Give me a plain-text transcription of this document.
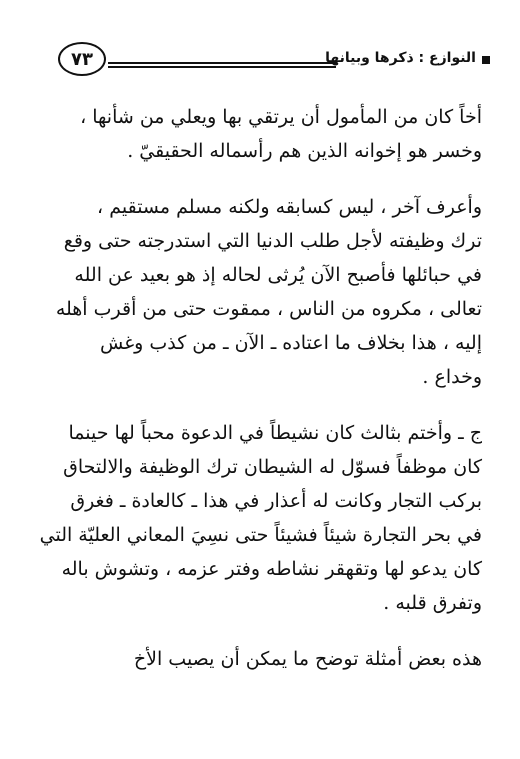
٧٣	النوازع : ذكرها وبيانها
أخاً كان من المأمول أن يرتقي بها ويعلي من شأنها ،
وخسر هو إخوانه الذين هم رأسماله الحقيقيّ .
وأعرف آخر ، ليس كسابقه ولكنه مسلم مستقيم ،
ترك وظيفته لأجل طلب الدنيا التي استدرجته حتى وقع
في حبائلها فأصبح الآن يُرثى لحاله إذ هو بعيد عن الله
تعالى ، مكروه من الناس ، ممقوت حتى من أقرب أهله
إليه ، هذا بخلاف ما اعتاده ـ الآن ـ من كذب وغش
وخداع .
ج ـ وأختم بثالث كان نشيطاً في الدعوة محباً لها حينما
كان موظفاً فسوّل له الشيطان ترك الوظيفة والالتحاق
بركب التجار وكانت له أعذار في هذا ـ كالعادة ـ فغرق
في بحر التجارة شيئاً فشيئاً حتى نسِيَ المعاني العليّة التي
كان يدعو لها وتقهقر نشاطه وفتر عزمه ، وتشوش باله
وتفرق قلبه .
هذه بعض أمثلة توضح ما يمكن أن يصيب الأخ
